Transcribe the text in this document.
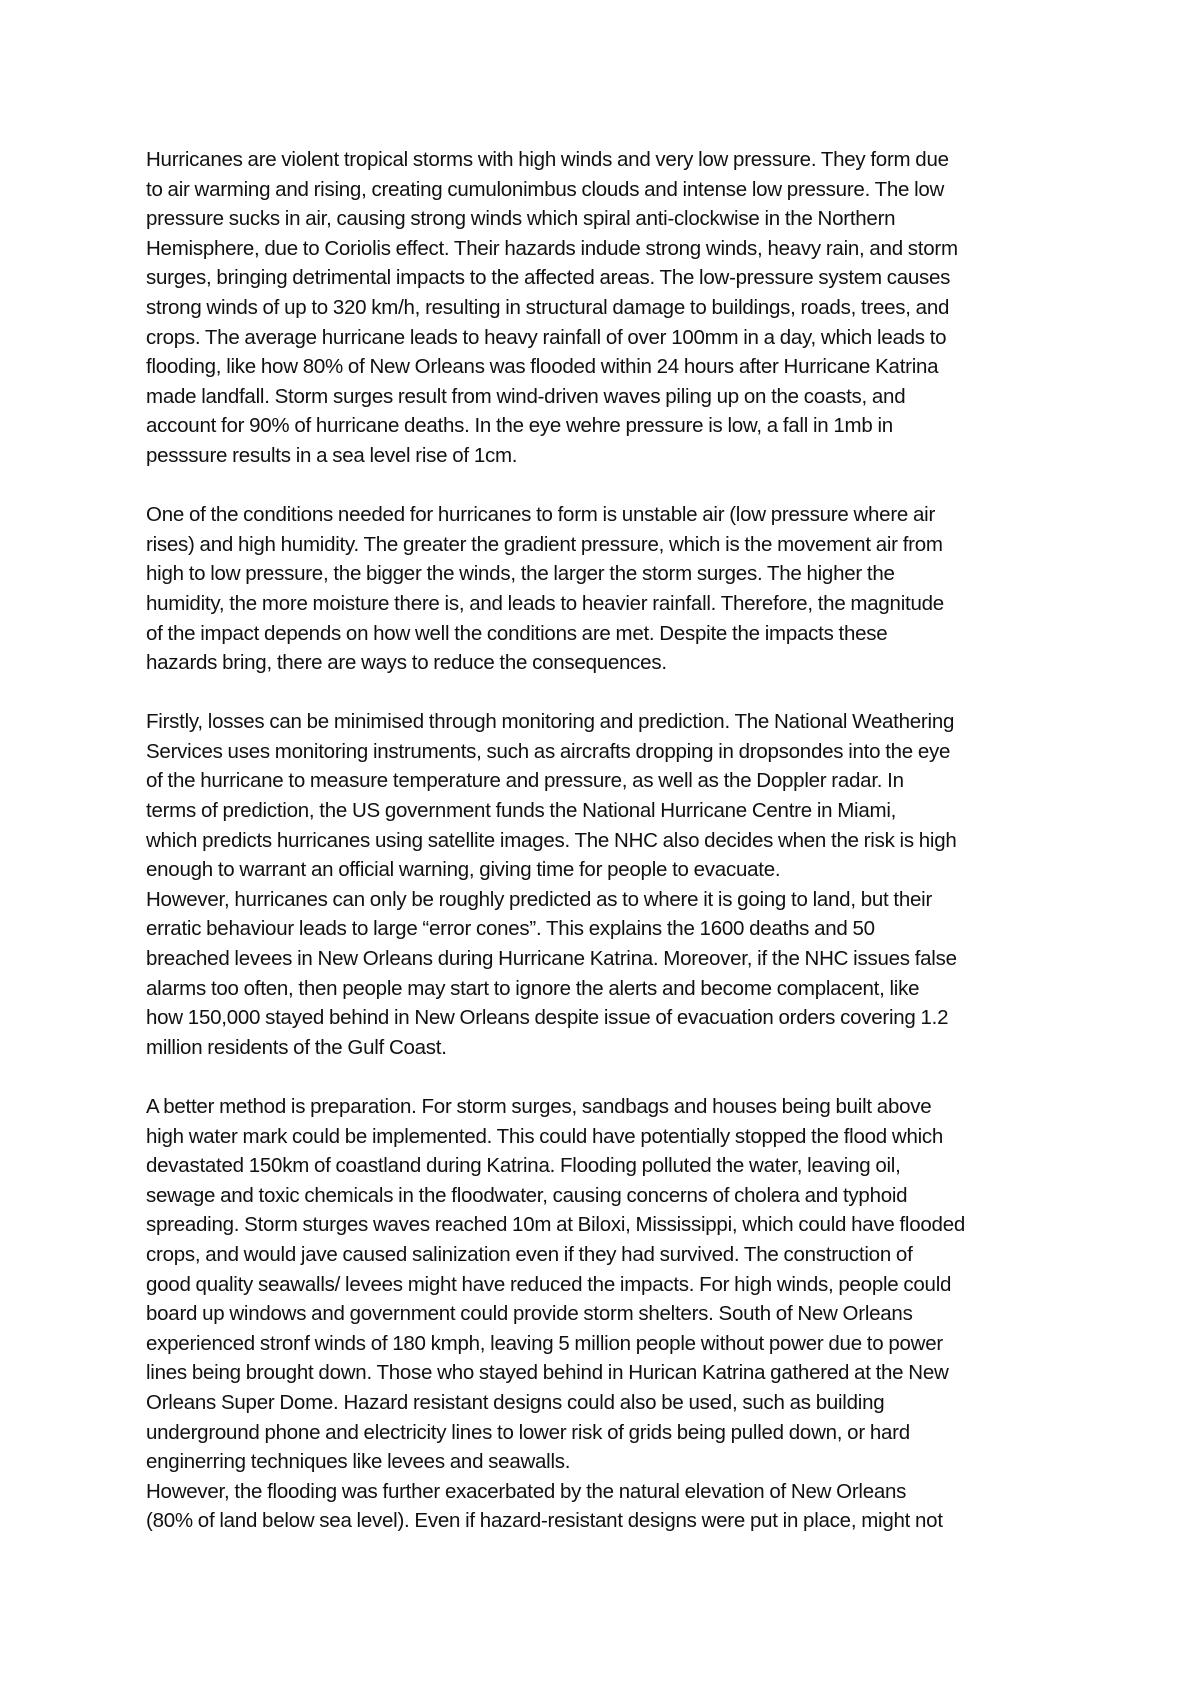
Hurricanes are violent tropical storms with high winds and very low pressure. They form due
to air warming and rising, creating cumulonimbus clouds and intense low pressure. The low
pressure sucks in air, causing strong winds which spiral anti-clockwise in the Northern
Hemisphere, due to Coriolis effect. Their hazards indude strong winds, heavy rain, and storm
surges, bringing detrimental impacts to the affected areas. The low-pressure system causes
strong winds of up to 320 km/h, resulting in structural damage to buildings, roads, trees, and
crops. The average hurricane leads to heavy rainfall of over 100mm in a day, which leads to
flooding, like how 80% of New Orleans was flooded within 24 hours after Hurricane Katrina
made landfall. Storm surges result from wind-driven waves piling up on the coasts, and
account for 90% of hurricane deaths. In the eye wehre pressure is low, a fall in 1mb in
pesssure results in a sea level rise of 1cm.
One of the conditions needed for hurricanes to form is unstable air (low pressure where air
rises) and high humidity. The greater the gradient pressure, which is the movement air from
high to low pressure, the bigger the winds, the larger the storm surges. The higher the
humidity, the more moisture there is, and leads to heavier rainfall. Therefore, the magnitude
of the impact depends on how well the conditions are met. Despite the impacts these
hazards bring, there are ways to reduce the consequences.
Firstly, losses can be minimised through monitoring and prediction. The National Weathering
Services uses monitoring instruments, such as aircrafts dropping in dropsondes into the eye
of the hurricane to measure temperature and pressure, as well as the Doppler radar. In
terms of prediction, the US government funds the National Hurricane Centre in Miami,
which predicts hurricanes using satellite images. The NHC also decides when the risk is high
enough to warrant an official warning, giving time for people to evacuate.
However, hurricanes can only be roughly predicted as to where it is going to land, but their
erratic behaviour leads to large “error cones”. This explains the 1600 deaths and 50
breached levees in New Orleans during Hurricane Katrina. Moreover, if the NHC issues false
alarms too often, then people may start to ignore the alerts and become complacent, like
how 150,000 stayed behind in New Orleans despite issue of evacuation orders covering 1.2
million residents of the Gulf Coast.
A better method is preparation. For storm surges, sandbags and houses being built above
high water mark could be implemented. This could have potentially stopped the flood which
devastated 150km of coastland during Katrina. Flooding polluted the water, leaving oil,
sewage and toxic chemicals in the floodwater, causing concerns of cholera and typhoid
spreading. Storm sturges waves reached 10m at Biloxi, Mississippi, which could have flooded
crops, and would jave caused salinization even if they had survived. The construction of
good quality seawalls/ levees might have reduced the impacts. For high winds, people could
board up windows and government could provide storm shelters. South of New Orleans
experienced stronf winds of 180 kmph, leaving 5 million people without power due to power
lines being brought down. Those who stayed behind in Hurican Katrina gathered at the New
Orleans Super Dome. Hazard resistant designs could also be used, such as building
underground phone and electricity lines to lower risk of grids being pulled down, or hard
enginerring techniques like levees and seawalls.
However, the flooding was further exacerbated by the natural elevation of New Orleans
(80% of land below sea level). Even if hazard-resistant designs were put in place, might not
